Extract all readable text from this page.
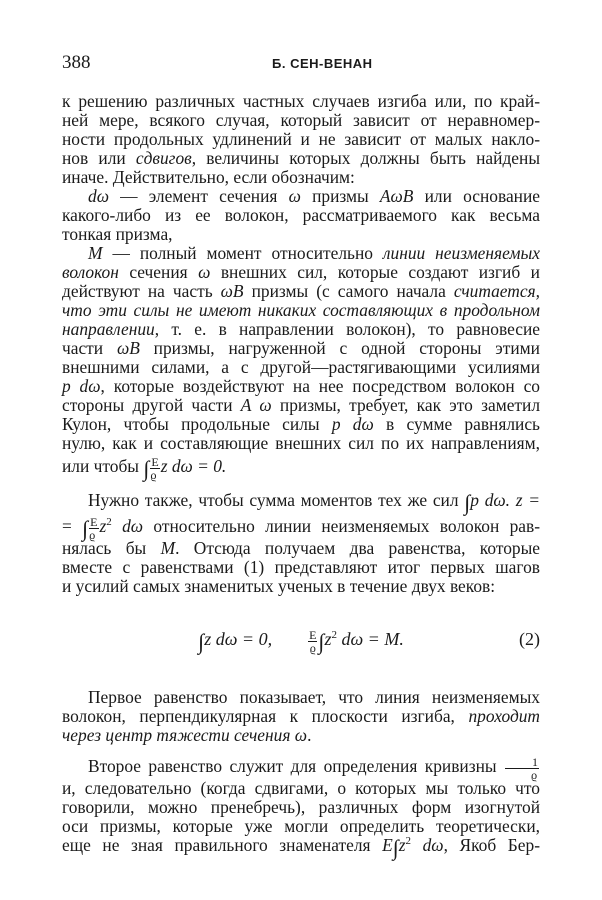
388	Б. СЕН-ВЕНАН
к решению различных частных случаев изгиба или, по край-
ней мере, всякого случая, который зависит от неравномер-
ности продольных удлинений и не зависит от малых накло-
нов или сдвигов, величины которых должны быть найдены
иначе. Действительно, если обозначим:
dω — элемент сечения ω призмы AωB или основание
какого-либо из ее волокон, рассматриваемого как весьма
тонкая призма,
M — полный момент относительно линии неизменяемых
волокон сечения ω внешних сил, которые создают изгиб и
действуют на часть ωB призмы (с самого начала считается,
что эти силы не имеют никаких составляющих в продольном
направлении, т. е. в направлении волокон), то равновесие
части ωB призмы, нагруженной с одной стороны этими
внешними силами, а с другой—растягивающими усилиями
p dω, которые воздействуют на нее посредством волокон со
стороны другой части A ω призмы, требует, как это заметил
Кулон, чтобы продольные силы p dω в сумме равнялись
нулю, как и составляющие внешних сил по их направлениям,
или чтобы ∫ $\frac{E}{ϱ}$ z dω = 0.
Нужно также, чтобы сумма моментов тех же сил ∫p dω. z =
= ∫ $\frac{E}{ϱ} z^2$ dω относительно линии неизменяемых волокон рав-
нялась бы M. Отсюда получаем два равенства, которые
вместе с равенствами (1) представляют итог первых шагов
и усилий самых знаменитых ученых в течение двух веков:
∫z dω = 0,	$\frac{E}{ϱ} \int z^2$ dω = M.	(2)
Первое равенство показывает, что линия неизменяемых
волокон, перпендикулярная к плоскости изгиба, проходит
через центр тяжести сечения ω.
Второе равенство служит для определения кривизны $\frac{1}{ϱ}$
и, следовательно (когда сдвигами, о которых мы только что
говорили, можно пренебречь), различных форм изогнутой
оси призмы, которые уже могли определить теоретически,
еще не зная правильного знаменателя $E\int z^2$ dω, Якоб Бер-
